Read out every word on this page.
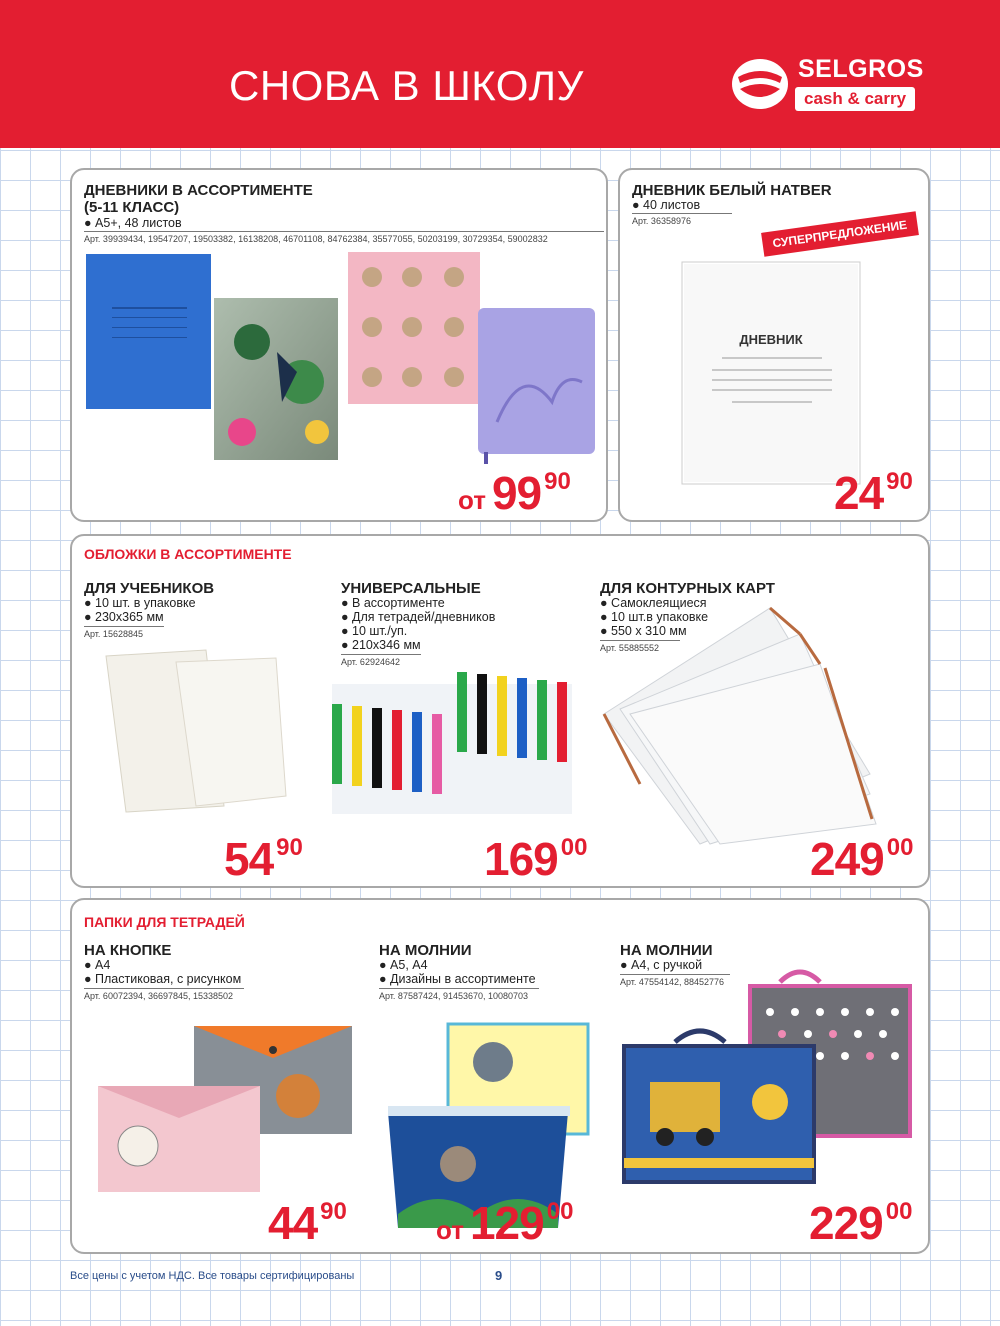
СНОВА В ШКОЛУ	SELGROS
cash & carry
ДНЕВНИКИ В АССОРТИМЕНТЕ
(5-11 КЛАСС)
● А5+, 48 листов
Арт. 39939434, 19547207, 19503382, 16138208, 46701108, 84762384, 35577055, 50203199, 30729354, 59002832
от 99 90
ДНЕВНИК БЕЛЫЙ HATBER
● 40 листов
Арт. 36358976	СУПЕРПРЕДЛОЖЕНИЕ
ДНЕВНИК
24 90
ОБЛОЖКИ В АССОРТИМЕНТЕ
ДЛЯ УЧЕБНИКОВ
● 10 шт. в упаковке
● 230х365 мм
Арт. 15628845
54 90
УНИВЕРСАЛЬНЫЕ
● В ассортименте
● Для тетрадей/дневников
● 10 шт./уп.
● 210х346 мм
Арт. 62924642
169 00
ДЛЯ КОНТУРНЫХ КАРТ
● Самоклеящиеся
● 10 шт.в упаковке
● 550 х 310 мм
Арт. 55885552
249 00
ПАПКИ ДЛЯ ТЕТРАДЕЙ
НА КНОПКЕ
● А4
● Пластиковая, с рисунком
Арт. 60072394, 36697845, 15338502
44 90
НА МОЛНИИ
● А5, А4
● Дизайны в ассортименте
Арт. 87587424, 91453670, 10080703
от 129 00
НА МОЛНИИ
● А4, с ручкой
Арт. 47554142, 88452776
229 00
Все цены с учетом НДС. Все товары сертифицированы	9
